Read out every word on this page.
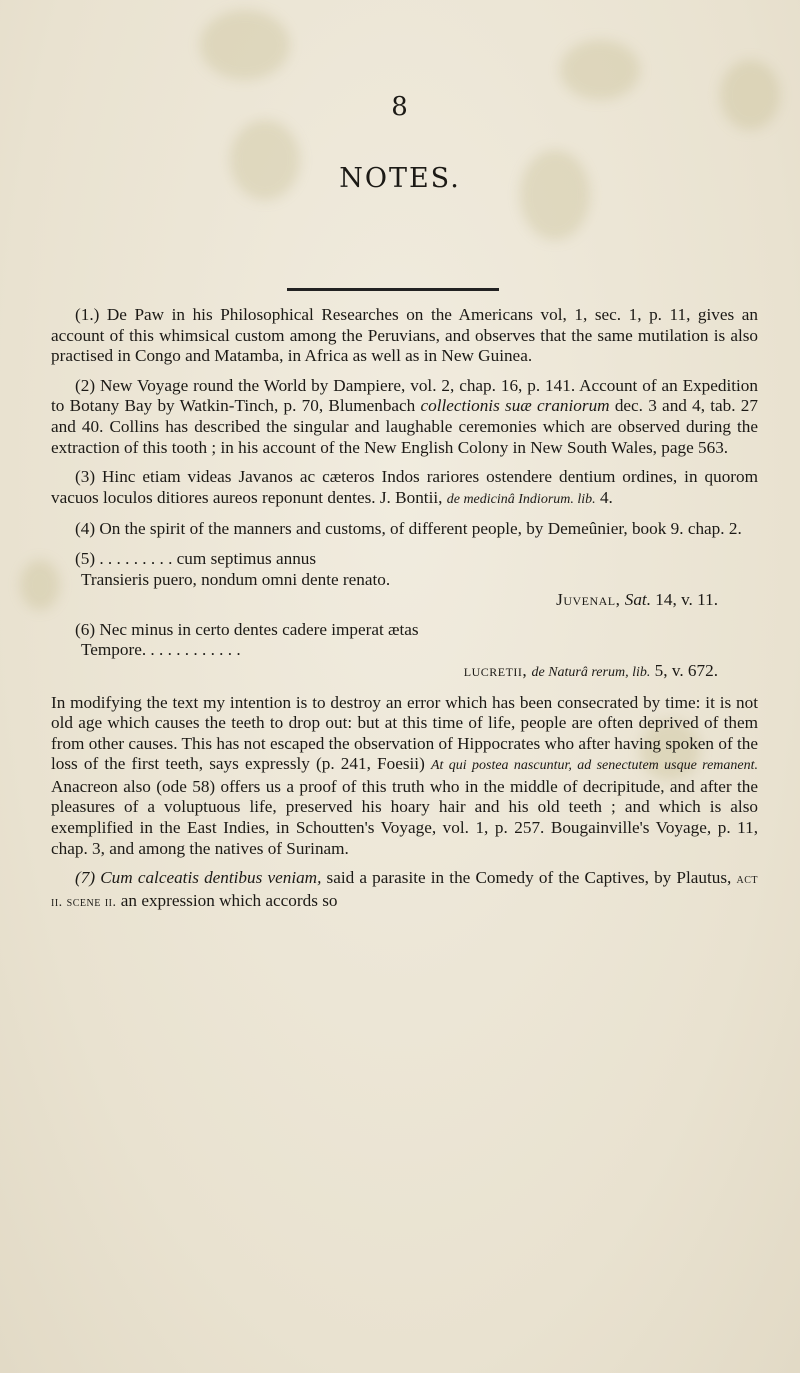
8
NOTES.

(1.) De Paw in his Philosophical Researches on the Americans vol, 1, sec. 1, p. 11, gives an account of this whimsical custom among the Peruvians, and observes that the same mutilation is also practised in Congo and Matamba, in Africa as well as in New Guinea.

(2) New Voyage round the World by Dampiere, vol. 2, chap. 16, p. 141. Account of an Expedition to Botany Bay by Watkin-Tinch, p. 70, Blumenbach collectionis suæ craniorum dec. 3 and 4, tab. 27 and 40. Collins has described the singular and laughable ceremonies which are observed during the extraction of this tooth ; in his account of the New English Colony in New South Wales, page 563.

(3) Hinc etiam videas Javanos ac cæteros Indos rariores ostendere dentium ordines, in quorom vacuos loculos ditiores aureos reponunt dentes. J. Bontii, de medicinâ Indiorum. lib. 4.

(4) On the spirit of the manners and customs, of different people, by Demeûnier, book 9. chap. 2.

(5) . . . . . . . . . cum septimus annus

Transieris puero, nondum omni dente renato.

Juvenal, Sat. 14, v. 11.

(6) Nec minus in certo dentes cadere imperat ætas

Tempore. . . . . . . . . . . .

lucretii, de Naturâ rerum, lib. 5, v. 672.

In modifying the text my intention is to destroy an error which has been consecrated by time: it is not old age which causes the teeth to drop out: but at this time of life, people are often deprived of them from other causes. This has not escaped the observation of Hippocrates who after having spoken of the loss of the first teeth, says expressly (p. 241, Foesii) At qui postea nascuntur, ad senectutem usque remanent. Anacreon also (ode 58) offers us a proof of this truth who in the middle of decripitude, and after the pleasures of a voluptuous life, preserved his hoary hair and his old teeth ; and which is also exemplified in the East Indies, in Schoutten's Voyage, vol. 1, p. 257. Bougainville's Voyage, p. 11, chap. 3, and among the natives of Surinam.

(7) Cum calceatis dentibus veniam, said a parasite in the Comedy of the Captives, by Plautus, act ii. scene ii. an expression which accords so
